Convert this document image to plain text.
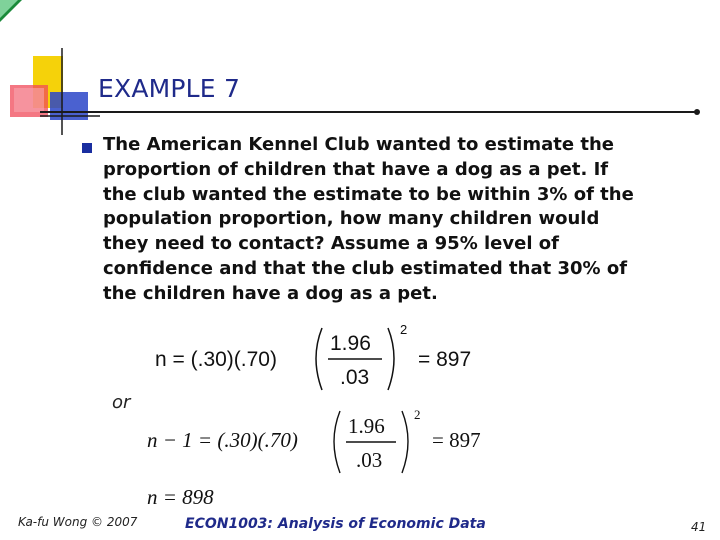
EXAMPLE 7
The American Kennel Club wanted to estimate the
proportion of children that have a dog as a pet. If
the club wanted the estimate to be within 3% of the
population proportion, how many children would
they need to contact? Assume a 95% level of
confidence and that the club estimated that 30% of
the children have a dog as a pet.
n = (.30)(.70)
1.96
.03
2
= 897
or
n − 1 = (.30)(.70)
1.96
.03
2
= 897
n = 898
Ka-fu Wong © 2007	ECON1003: Analysis of Economic Data	41
